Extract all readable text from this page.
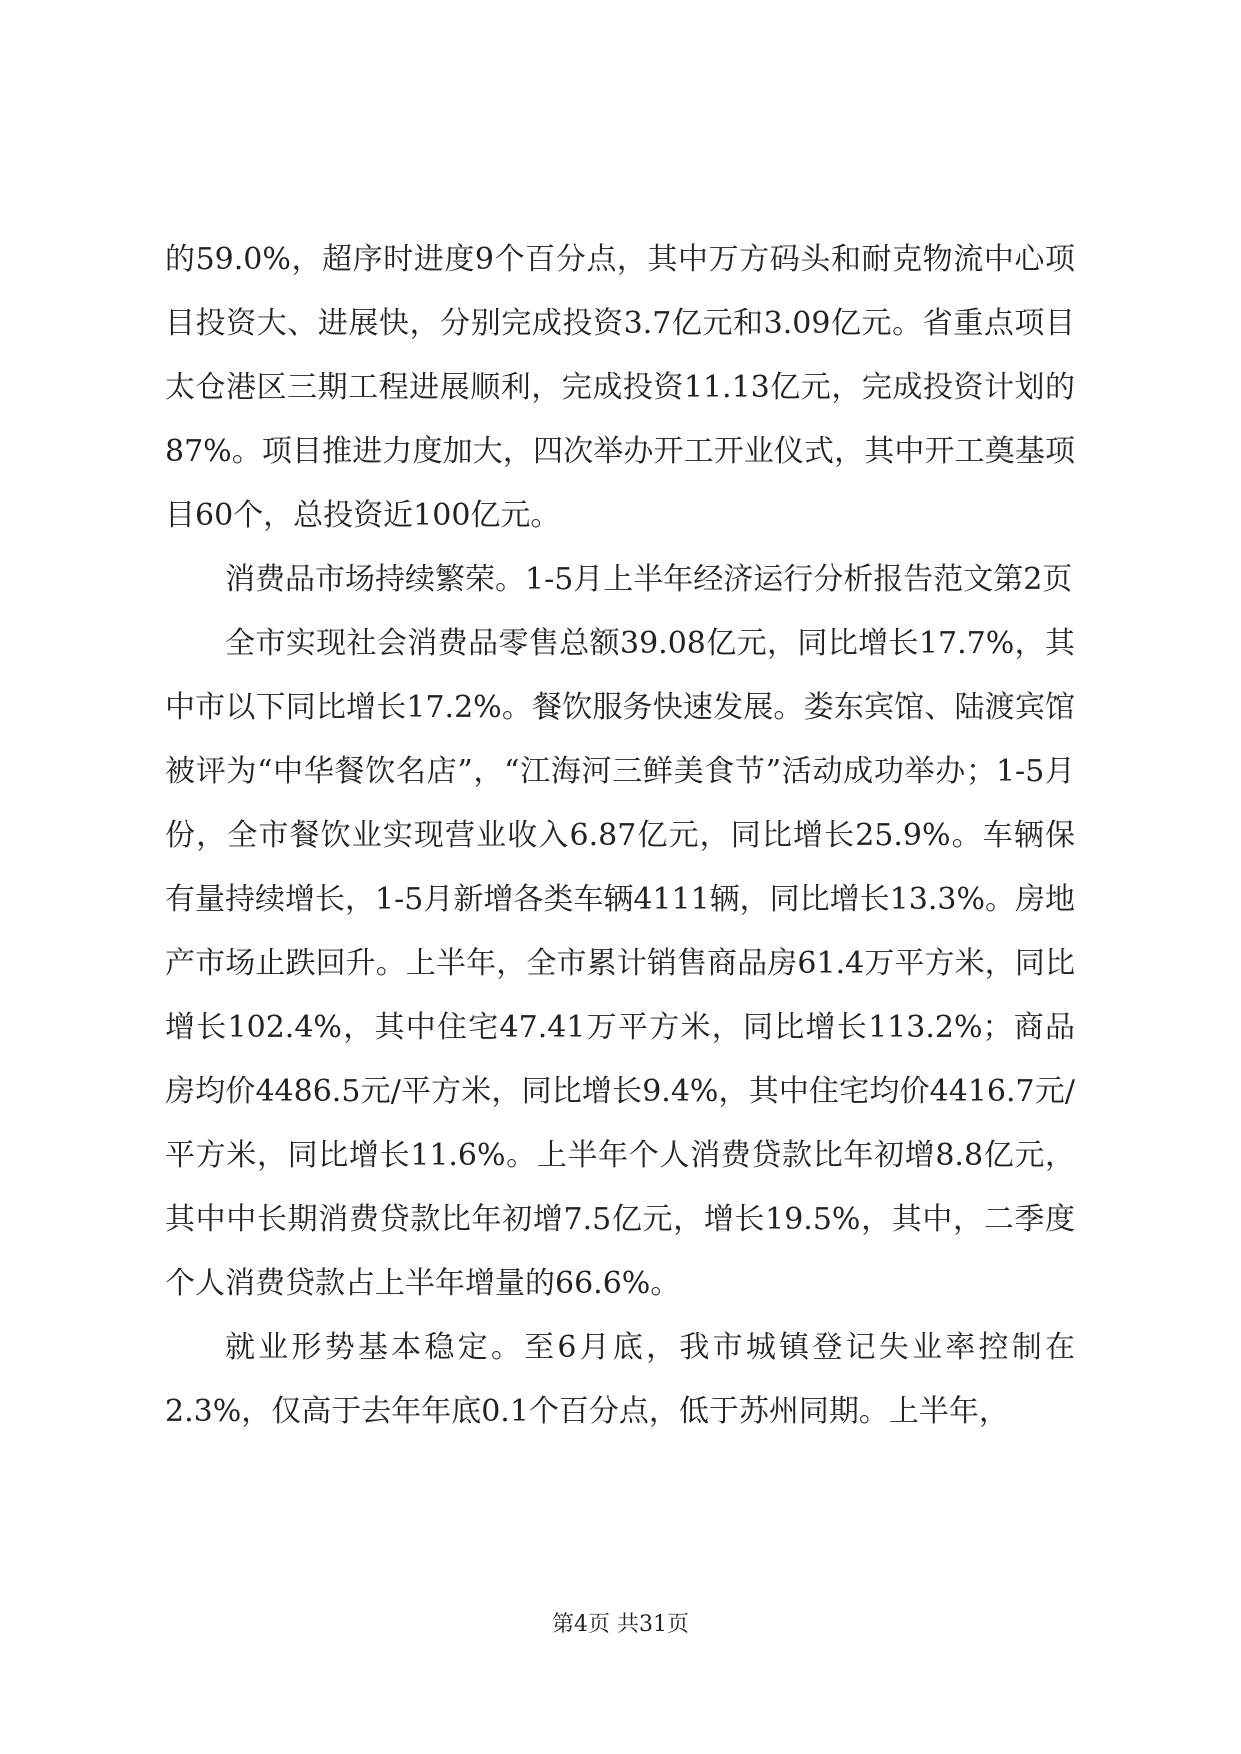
的59.0%，超序时进度9个百分点，其中万方码头和耐克物流中心项目投资大、进展快，分别完成投资3.7亿元和3.09亿元。省重点项目太仓港区三期工程进展顺利，完成投资11.13亿元，完成投资计划的87%。项目推进力度加大，四次举办开工开业仪式，其中开工奠基项目60个，总投资近100亿元。

消费品市场持续繁荣。1-5月上半年经济运行分析报告范文第2页

全市实现社会消费品零售总额39.08亿元，同比增长17.7%，其中市以下同比增长17.2%。餐饮服务快速发展。娄东宾馆、陆渡宾馆被评为“中华餐饮名店”，“江海河三鲜美食节”活动成功举办；1-5月份，全市餐饮业实现营业收入6.87亿元，同比增长25.9%。车辆保有量持续增长，1-5月新增各类车辆4111辆，同比增长13.3%。房地产市场止跌回升。上半年，全市累计销售商品房61.4万平方米，同比增长102.4%，其中住宅47.41万平方米，同比增长113.2%；商品房均价4486.5元/平方米，同比增长9.4%，其中住宅均价4416.7元/平方米，同比增长11.6%。上半年个人消费贷款比年初增8.8亿元，其中中长期消费贷款比年初增7.5亿元，增长19.5%，其中，二季度个人消费贷款占上半年增量的66.6%。

就业形势基本稳定。至6月底，我市城镇登记失业率控制在2.3%，仅高于去年年底0.1个百分点，低于苏州同期。上半年，

第4页 共31页
